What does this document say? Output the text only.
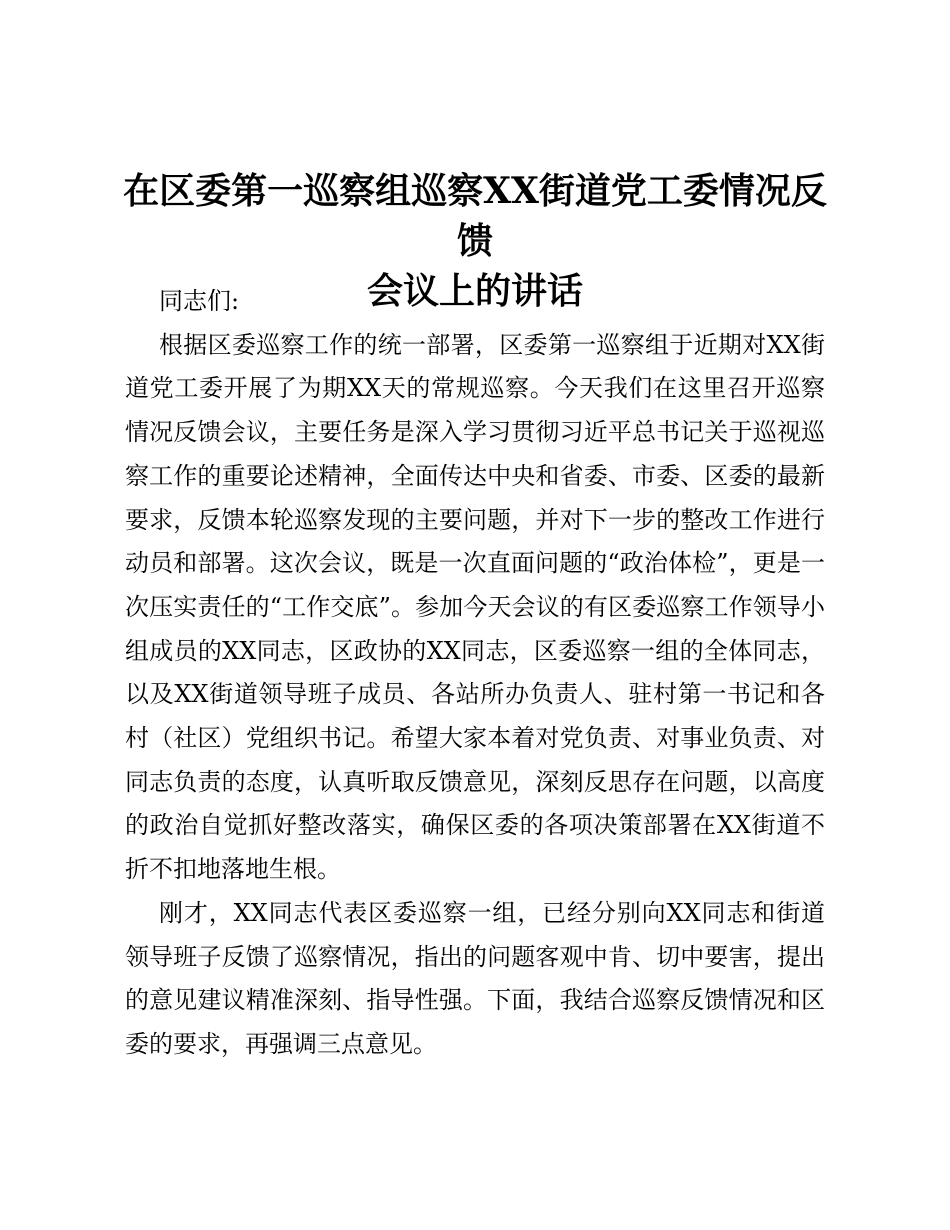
在区委第一巡察组巡察XX街道党工委情况反馈
会议上的讲话

同志们:

根据区委巡察工作的统一部署，区委第一巡察组于近期对XX街道党工委开展了为期XX天的常规巡察。今天我们在这里召开巡察情况反馈会议，主要任务是深入学习贯彻习近平总书记关于巡视巡察工作的重要论述精神，全面传达中央和省委、市委、区委的最新要求，反馈本轮巡察发现的主要问题，并对下一步的整改工作进行动员和部署。这次会议，既是一次直面问题的“政治体检”，更是一次压实责任的“工作交底”。参加今天会议的有区委巡察工作领导小组成员的XX同志，区政协的XX同志，区委巡察一组的全体同志，以及XX街道领导班子成员、各站所办负责人、驻村第一书记和各村（社区）党组织书记。希望大家本着对党负责、对事业负责、对同志负责的态度，认真听取反馈意见，深刻反思存在问题，以高度的政治自觉抓好整改落实，确保区委的各项决策部署在XX街道不折不扣地落地生根。

刚才，XX同志代表区委巡察一组，已经分别向XX同志和街道领导班子反馈了巡察情况，指出的问题客观中肯、切中要害，提出的意见建议精准深刻、指导性强。下面，我结合巡察反馈情况和区委的要求，再强调三点意见。
